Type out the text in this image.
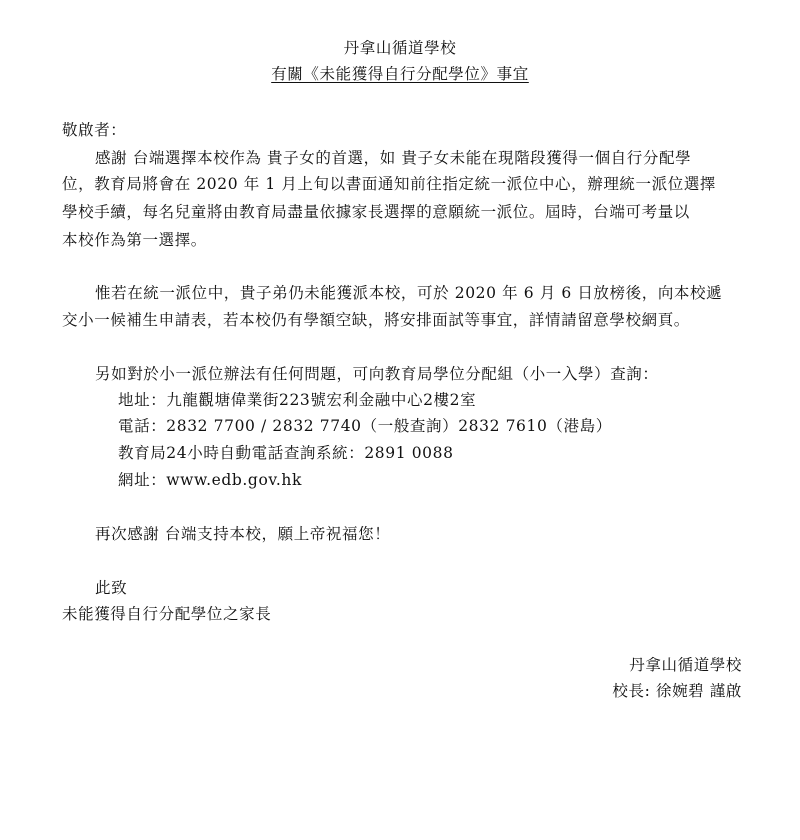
丹拿山循道學校
有關《未能獲得自行分配學位》事宜
敬啟者：
感謝 台端選擇本校作為 貴子女的首選，如 貴子女未能在現階段獲得一個自行分配學
位，教育局將會在 2020 年 1 月上旬以書面通知前往指定統一派位中心，辦理統一派位選擇
學校手續，每名兒童將由教育局盡量依據家長選擇的意願統一派位。屆時，台端可考量以
本校作為第一選擇。
惟若在統一派位中，貴子弟仍未能獲派本校，可於 2020 年 6 月 6 日放榜後，向本校遞
交小一候補生申請表，若本校仍有學額空缺，將安排面試等事宜，詳情請留意學校網頁。
另如對於小一派位辦法有任何問題，可向教育局學位分配組（小一入學）查詢：
地址：九龍觀塘偉業街223號宏利金融中心2樓2室
電話：2832 7700 / 2832 7740（一般查詢）2832 7610（港島）
教育局24小時自動電話查詢系統：2891 0088
網址：www.edb.gov.hk
再次感謝 台端支持本校，願上帝祝福您！
此致
未能獲得自行分配學位之家長
丹拿山循道學校
校長: 徐婉碧 謹啟
